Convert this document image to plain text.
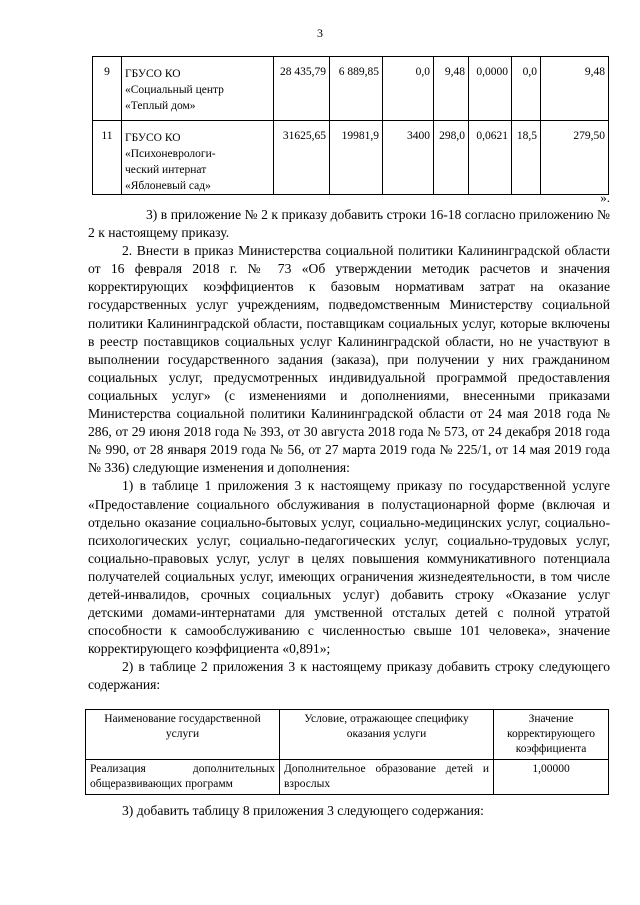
3
9	ГБУСО КО
«Социальный центр
«Теплый дом»	28 435,79	6 889,85	0,0	9,48	0,0000	0,0	9,48
11	ГБУСО КО
«Психоневрологи-
ческий интернат
«Яблоневый сад»	31625,65	19981,9	3400	298,0	0,0621	18,5	279,50
».

3) в приложение № 2 к приказу добавить строки 16-18 согласно приложению № 2 к настоящему приказу.

2. Внести в приказ Министерства социальной политики Калининградской области от 16 февраля 2018 г. № 73 «Об утверждении методик расчетов и значения корректирующих коэффициентов к базовым нормативам затрат на оказание государственных услуг учреждениям, подведомственным Министерству социальной политики Калининградской области, поставщикам социальных услуг, которые включены в реестр поставщиков социальных услуг Калининградской области, но не участвуют в выполнении государственного задания (заказа), при получении у них гражданином социальных услуг, предусмотренных индивидуальной программой предоставления социальных услуг» (с изменениями и дополнениями, внесенными приказами Министерства социальной политики Калининградской области от 24 мая 2018 года № 286, от 29 июня 2018 года № 393, от 30 августа 2018 года № 573, от 24 декабря 2018 года № 990, от 28 января 2019 года № 56, от 27 марта 2019 года № 225/1, от 14 мая 2019 года № 336) следующие изменения и дополнения:

1) в таблице 1 приложения 3 к настоящему приказу по государственной услуге «Предоставление социального обслуживания в полустационарной форме (включая и отдельно оказание социально-бытовых услуг, социально-медицинских услуг, социально-психологических услуг, социально-педагогических услуг, социально-трудовых услуг, социально-правовых услуг, услуг в целях повышения коммуникативного потенциала получателей социальных услуг, имеющих ограничения жизнедеятельности, в том числе детей-инвалидов, срочных социальных услуг) добавить строку «Оказание услуг детскими домами-интернатами для умственной отсталых детей с полной утратой способности к самообслуживанию с численностью свыше 101 человека», значение корректирующего коэффициента «0,891»;

2) в таблице 2 приложения 3 к настоящему приказу добавить строку следующего содержания:

Наименование государственной услуги	Условие, отражающее специфику оказания услуги	Значение корректирующего коэффициента
Реализация дополнительных общеразвивающих программ	Дополнительное образование детей и взрослых	1,00000
3) добавить таблицу 8 приложения 3 следующего содержания:
